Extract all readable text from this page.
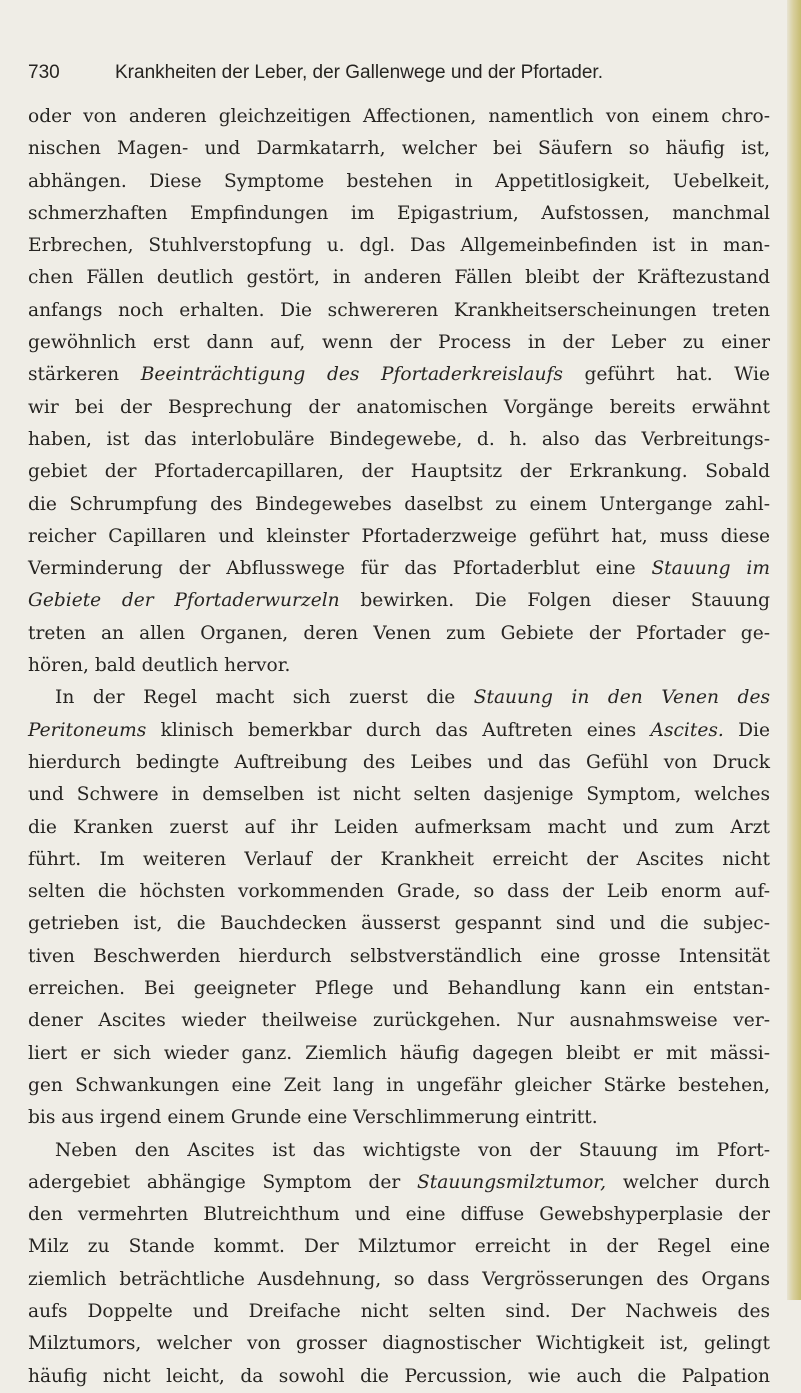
730	Krankheiten der Leber, der Gallenwege und der Pfortader.
oder von anderen gleichzeitigen Affectionen, namentlich von einem chro-
nischen Magen- und Darmkatarrh, welcher bei Säufern so häufig ist,
abhängen. Diese Symptome bestehen in Appetitlosigkeit, Uebelkeit,
schmerzhaften Empfindungen im Epigastrium, Aufstossen, manchmal
Erbrechen, Stuhlverstopfung u. dgl. Das Allgemeinbefinden ist in man-
chen Fällen deutlich gestört, in anderen Fällen bleibt der Kräftezustand
anfangs noch erhalten. Die schwereren Krankheitserscheinungen treten
gewöhnlich erst dann auf, wenn der Process in der Leber zu einer
stärkeren Beeinträchtigung des Pfortaderkreislaufs geführt hat. Wie
wir bei der Besprechung der anatomischen Vorgänge bereits erwähnt
haben, ist das interlobuläre Bindegewebe, d. h. also das Verbreitungs-
gebiet der Pfortadercapillaren, der Hauptsitz der Erkrankung. Sobald
die Schrumpfung des Bindegewebes daselbst zu einem Untergange zahl-
reicher Capillaren und kleinster Pfortaderzweige geführt hat, muss diese
Verminderung der Abflusswege für das Pfortaderblut eine Stauung im
Gebiete der Pfortaderwurzeln bewirken. Die Folgen dieser Stauung
treten an allen Organen, deren Venen zum Gebiete der Pfortader ge-
hören, bald deutlich hervor.
In der Regel macht sich zuerst die Stauung in den Venen des
Peritoneums klinisch bemerkbar durch das Auftreten eines Ascites. Die
hierdurch bedingte Auftreibung des Leibes und das Gefühl von Druck
und Schwere in demselben ist nicht selten dasjenige Symptom, welches
die Kranken zuerst auf ihr Leiden aufmerksam macht und zum Arzt
führt. Im weiteren Verlauf der Krankheit erreicht der Ascites nicht
selten die höchsten vorkommenden Grade, so dass der Leib enorm auf-
getrieben ist, die Bauchdecken äusserst gespannt sind und die subjec-
tiven Beschwerden hierdurch selbstverständlich eine grosse Intensität
erreichen. Bei geeigneter Pflege und Behandlung kann ein entstan-
dener Ascites wieder theilweise zurückgehen. Nur ausnahmsweise ver-
liert er sich wieder ganz. Ziemlich häufig dagegen bleibt er mit mässi-
gen Schwankungen eine Zeit lang in ungefähr gleicher Stärke bestehen,
bis aus irgend einem Grunde eine Verschlimmerung eintritt.
Neben den Ascites ist das wichtigste von der Stauung im Pfort-
adergebiet abhängige Symptom der Stauungsmilztumor, welcher durch
den vermehrten Blutreichthum und eine diffuse Gewebshyperplasie der
Milz zu Stande kommt. Der Milztumor erreicht in der Regel eine
ziemlich beträchtliche Ausdehnung, so dass Vergrösserungen des Organs
aufs Doppelte und Dreifache nicht selten sind. Der Nachweis des
Milztumors, welcher von grosser diagnostischer Wichtigkeit ist, gelingt
häufig nicht leicht, da sowohl die Percussion, wie auch die Palpation
